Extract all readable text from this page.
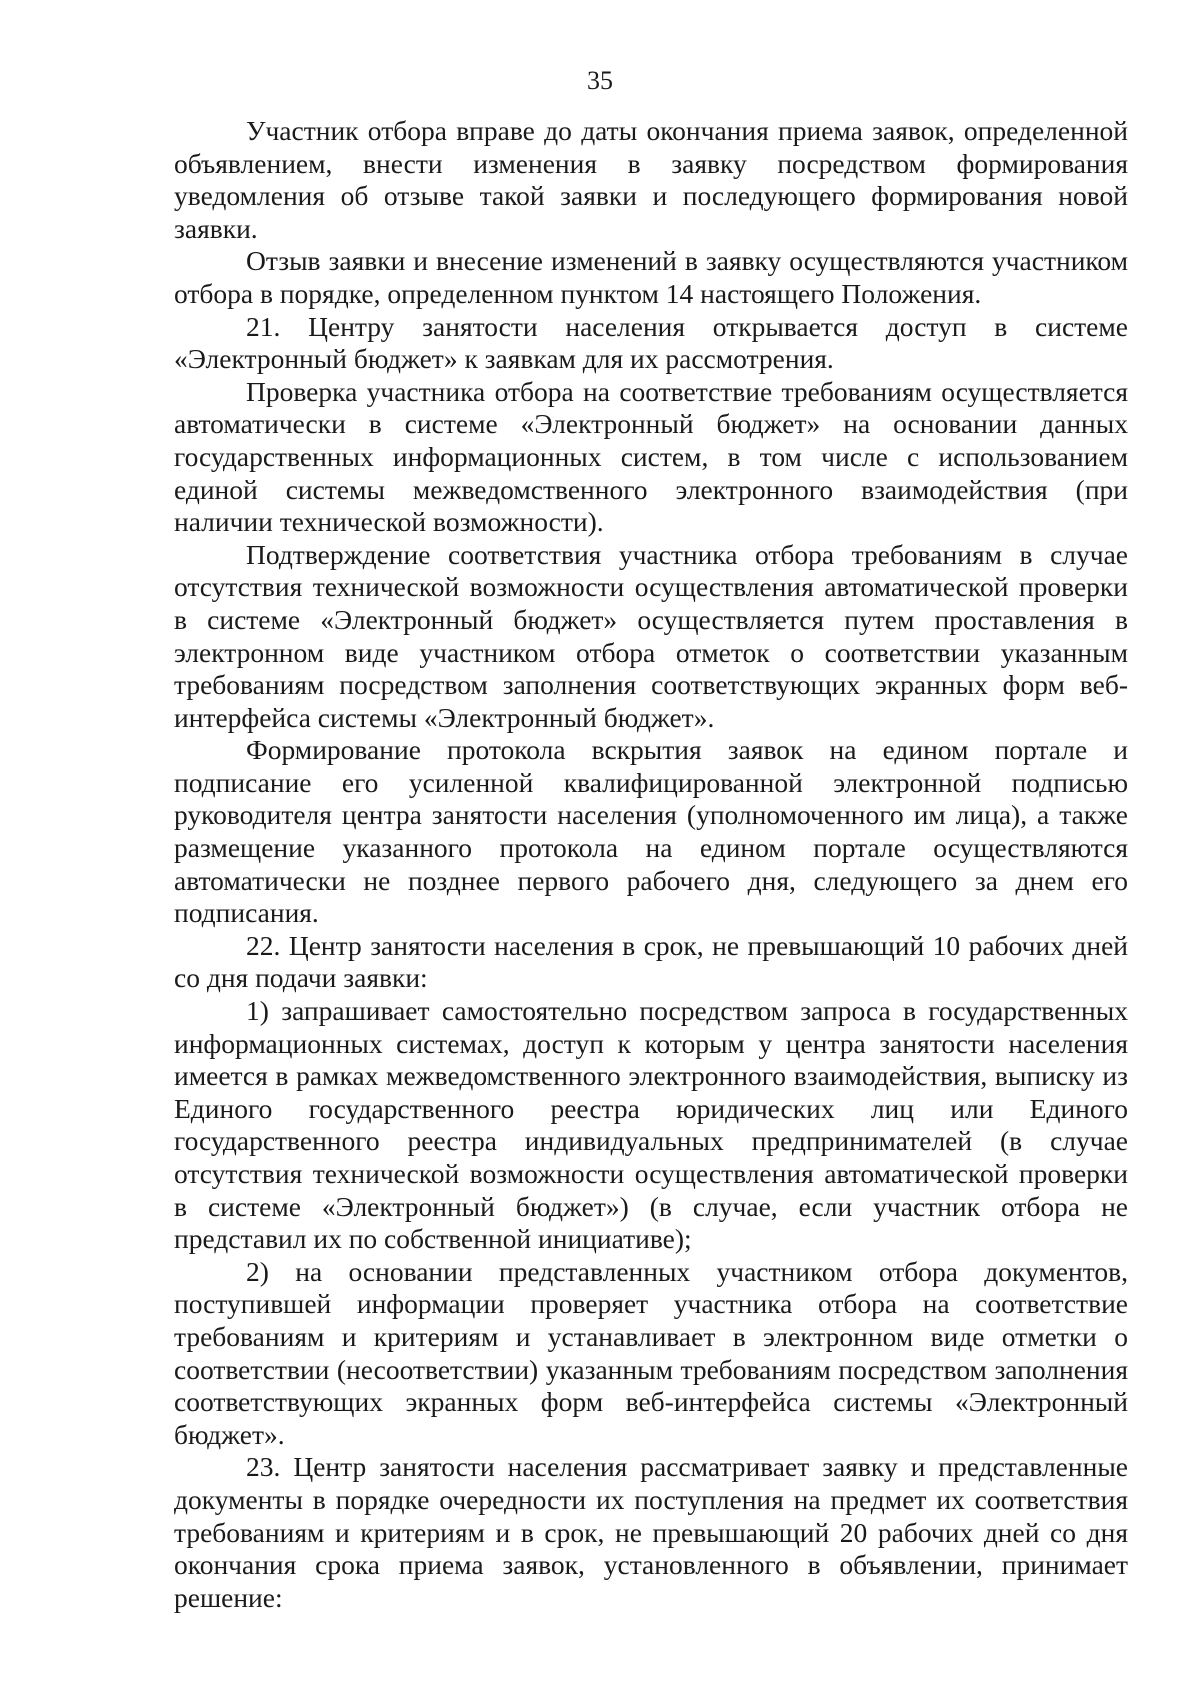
35

Участник отбора вправе до даты окончания приема заявок, определенной объявлением, внести изменения в заявку посредством формирования уведомления об отзыве такой заявки и последующего формирования новой заявки.

Отзыв заявки и внесение изменений в заявку осуществляются участником отбора в порядке, определенном пунктом 14 настоящего Положения.

21. Центру занятости населения открывается доступ в системе «Электронный бюджет» к заявкам для их рассмотрения.

Проверка участника отбора на соответствие требованиям осуществляется автоматически в системе «Электронный бюджет» на основании данных государственных информационных систем, в том числе с использованием единой системы межведомственного электронного взаимодействия (при наличии технической возможности).

Подтверждение соответствия участника отбора требованиям в случае отсутствия технической возможности осуществления автоматической проверки в системе «Электронный бюджет» осуществляется путем проставления в электронном виде участником отбора отметок о соответствии указанным требованиям посредством заполнения соответствующих экранных форм веб-интерфейса системы «Электронный бюджет».

Формирование протокола вскрытия заявок на едином портале и подписание его усиленной квалифицированной электронной подписью руководителя центра занятости населения (уполномоченного им лица), а также размещение указанного протокола на едином портале осуществляются автоматически не позднее первого рабочего дня, следующего за днем его подписания.

22. Центр занятости населения в срок, не превышающий 10 рабочих дней со дня подачи заявки:

1) запрашивает самостоятельно посредством запроса в государственных информационных системах, доступ к которым у центра занятости населения имеется в рамках межведомственного электронного взаимодействия, выписку из Единого государственного реестра юридических лиц или Единого государственного реестра индивидуальных предпринимателей (в случае отсутствия технической возможности осуществления автоматической проверки в системе «Электронный бюджет») (в случае, если участник отбора не представил их по собственной инициативе);

2) на основании представленных участником отбора документов, поступившей информации проверяет участника отбора на соответствие требованиям и критериям и устанавливает в электронном виде отметки о соответствии (несоответствии) указанным требованиям посредством заполнения соответствующих экранных форм веб-интерфейса системы «Электронный бюджет».

23. Центр занятости населения рассматривает заявку и представленные документы в порядке очередности их поступления на предмет их соответствия требованиям и критериям и в срок, не превышающий 20 рабочих дней со дня окончания срока приема заявок, установленного в объявлении, принимает решение:
